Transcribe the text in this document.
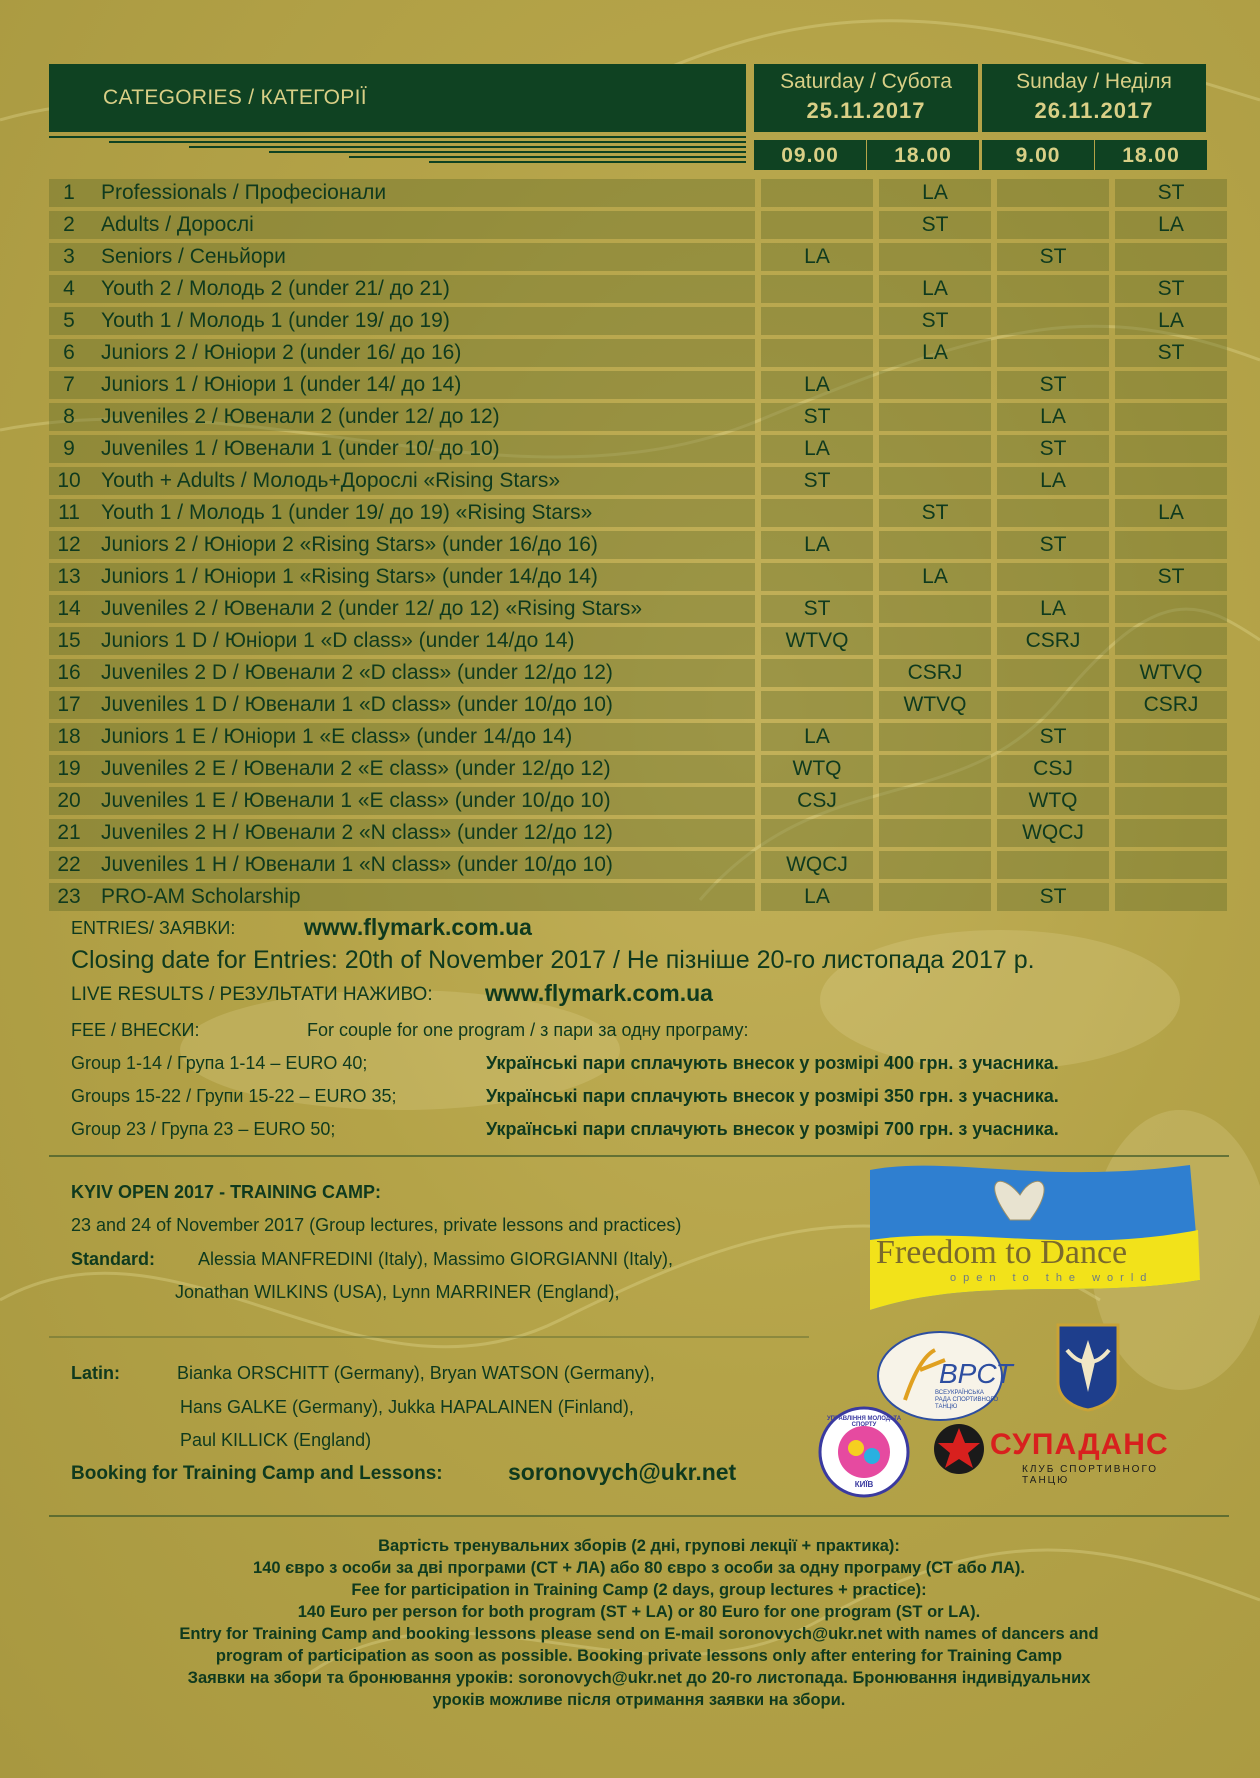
CATEGORIES / КАТЕГОРІЇ
Saturday / Субота
25.11.2017
Sunday / Неділя
26.11.2017
09.00	18.00	9.00	18.00
1	Professionals / Професіонали				LA				ST
2	Adults / Дорослі				ST				LA
3	Seniors / Сеньйори		LA				ST		
4	Youth 2 / Молодь 2 (under 21/ до 21)				LA				ST
5	Youth 1 / Молодь 1 (under 19/ до 19)				ST				LA
6	Juniors 2 / Юніори 2 (under 16/ до 16)				LA				ST
7	Juniors 1 / Юніори 1 (under 14/ до 14)		LA				ST		
8	Juveniles 2 / Ювенали 2 (under 12/ до 12)		ST				LA		
9	Juveniles 1 / Ювенали 1 (under 10/ до 10)		LA				ST		
10	Youth + Adults / Молодь+Дорослі «Rising Stars»		ST				LA		
11	Youth 1 / Молодь 1 (under 19/ до 19) «Rising Stars»				ST				LA
12	Juniors 2 / Юніори 2 «Rising Stars» (under 16/до 16)		LA				ST		
13	Juniors 1 / Юніори 1 «Rising Stars» (under 14/до 14)				LA				ST
14	Juveniles 2 / Ювенали 2 (under 12/ до 12) «Rising Stars»		ST				LA		
15	Juniors 1 D / Юніори 1 «D class» (under 14/до 14)		WTVQ				CSRJ		
16	Juveniles 2 D / Ювенали 2 «D class» (under 12/до 12)				CSRJ				WTVQ
17	Juveniles 1 D / Ювенали 1 «D class» (under 10/до 10)				WTVQ				CSRJ
18	Juniors 1 E / Юніори 1 «E class» (under 14/до 14)		LA				ST		
19	Juveniles 2 E / Ювенали 2 «E class» (under 12/до 12)		WTQ				CSJ		
20	Juveniles 1 E / Ювенали 1 «E class» (under 10/до 10)		CSJ				WTQ		
21	Juveniles 2 H / Ювенали 2 «N class» (under 12/до 12)						WQCJ		
22	Juveniles 1 H / Ювенали 1 «N class» (under 10/до 10)		WQCJ						
23	PRO-AM Scholarship		LA				ST		
ENTRIES/ ЗАЯВКИ:	www.flymark.com.ua
Closing date for Entries: 20th of November 2017 / Не пізніше 20-го листопада 2017 р.
LIVE RESULTS / РЕЗУЛЬТАТИ НАЖИВО: www.flymark.com.ua
FEE / ВНЕСКИ:	For couple for one program / з пари за одну програму:
Group 1-14 / Група 1-14 – EURO 40;	Українські пари сплачують внесок у розмірі 400 грн. з учасника.
Groups 15-22 / Групи 15-22 – EURO 35;	Українські пари сплачують внесок у розмірі 350 грн. з учасника.
Group 23 / Група 23 – EURO 50;	Українські пари сплачують внесок у розмірі 700 грн. з учасника.
KYIV OPEN 2017 - TRAINING CAMP:
23 and 24 of November 2017 (Group lectures, private lessons and practices)
Standard: Alessia MANFREDINI (Italy), Massimo GIORGIANNI (Italy),
Jonathan WILKINS (USA), Lynn MARRINER (England),
Latin:	Bianka ORSCHITT (Germany), Bryan WATSON (Germany),
Hans GALKE (Germany), Jukka HAPALAINEN (Finland),
Paul KILLICK (England)
Booking for Training Camp and Lessons:	soronovych@ukr.net
Freedom to Dance
open to the world
ВРСТ
ВСЕУКРАЇНСЬКА РАДА СПОРТИВНОГО ТАНЦЮ
УПРАВЛІННЯ МОЛОДІ ТА СПОРТУ
КИЇВ
СУПАДАНС
КЛУБ СПОРТИВНОГО ТАНЦЮ
Вартість тренувальних зборів (2 дні, групові лекції + практика):
140 євро з особи за дві програми (СТ + ЛА) або 80 євро з особи за одну програму (СТ або ЛА).
Fee for participation in Training Camp (2 days, group lectures + practice):
140 Euro per person for both program (ST + LA) or 80 Euro for one program (ST or LA).
Entry for Training Camp and booking lessons please send on E-mail soronovych@ukr.net with names of dancers and
program of participation as soon as possible. Booking private lessons only after entering for Training Camp
Заявки на збори та бронювання уроків: soronovych@ukr.net до 20-го листопада. Бронювання індивідуальних
уроків можливе після отримання заявки на збори.
